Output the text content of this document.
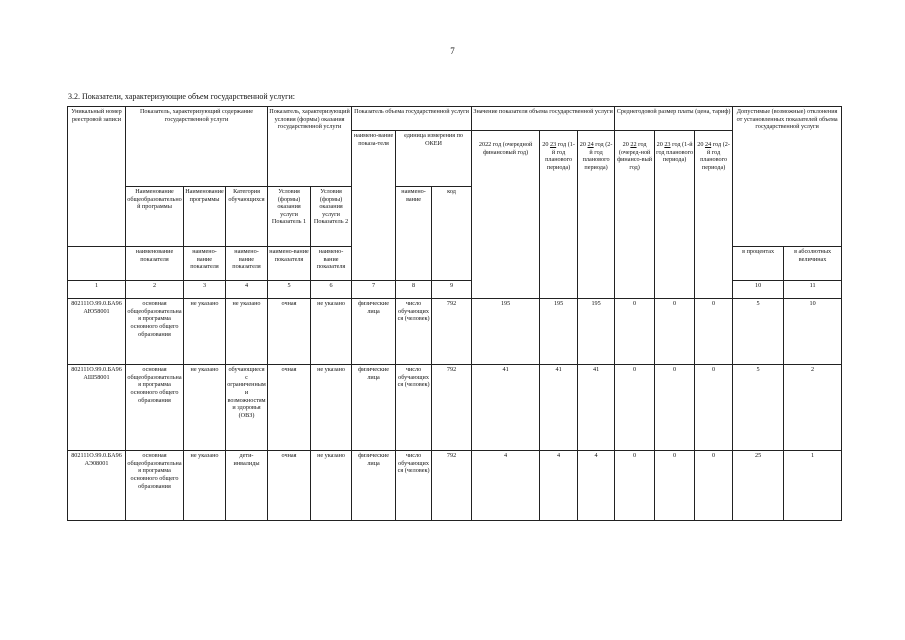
7
3.2. Показатели, характеризующие объем государственной услуги:
Уникальный номер реестровой записи	Показатель, характеризующий содержание государственной услуги			Показатель, характеризующий условия (формы) оказания государственной услуги		Показатель объема государственной услуги			Значение показателя объема государственной услуги			Среднегодовой размер платы (цена, тариф)			Допустимые (возможные) отклонения от установленных показателей объема государственной услуги		
						наимено-вание показа-теля	единица измерения по ОКЕИ		2022 год (очередной финансовый год)	20 23 год (1-й год планового периода)	20 24 год (2-й год планового периода)	20 22 год (очеред-ной финансо-вый год)	20 23 год (1-й год планового периода)	20 24 год (2-й год планового периода)			
	Наименование общеобразовательной программы	Наименование программы	Категория обучающихся	Условия (формы) оказания услуги Показатель 1	Условия (формы) оказания услуги Показатель 2		наимено-вание	код									
	наименование показателя	наимено-вание показателя	наимено-вание показателя	наимено-вание показателя	наимено-вание показателя										в процентах	в абсолютных величинах	
1	2	3	4	5	6	7	8	9							10	11						
802111О.99.0.БА96АЮ58001	основная общеобразовательная программа основного общего образования	не указано	не указано	очная	не указано	физические лица	число обучающихся (человек)	792	195	195	195	0	0	0	5	10	
802111О.99.0.БА96АШ58001	основная общеобразовательная программа основного общего образования	не указано	обучающиеся с ограниченными возможностями здоровья (ОВЗ)	очная	не указано	физические лица	число обучающихся (человек)	792	41	41	41	0	0	0	5	2	
802111О.99.0.БА96АЭ08001	основная общеобразовательная программа основного общего образования	не указано	дети-инвалиды	очная	не указано	физические лица	число обучающихся (человек)	792	4	4	4	0	0	0	25	1	
